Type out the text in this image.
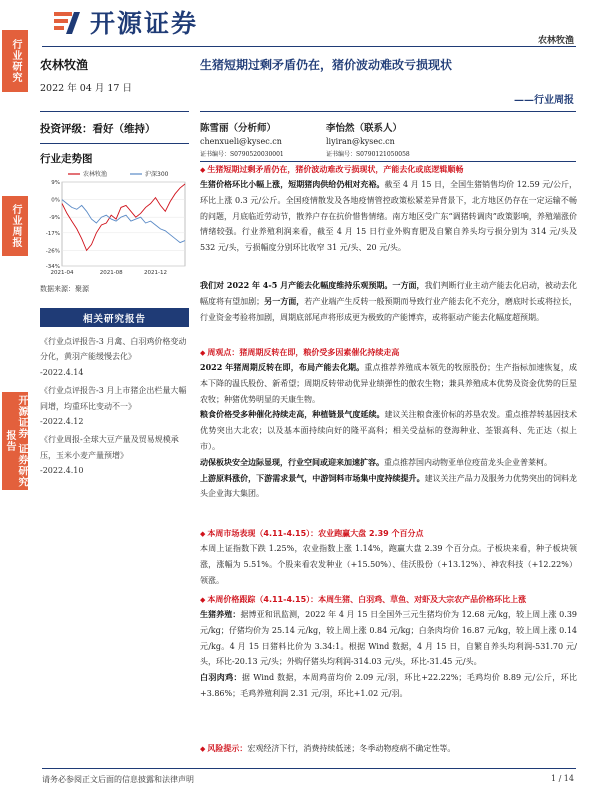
开源证券
农林牧渔
行业研究
行业周报
开源证券 证券研究报告
农林牧渔
2022 年 04 月 17 日
投资评级：看好（维持）
行业走势图
9%
0%
-9%
-17%
-26%
-34%
2021-04	2021-08	2021-12
农林牧渔	沪深300
数据来源：聚源
相关研究报告
《行业点评报告-3 月禽、白羽鸡价格变动分化，黄羽产能缓慢去化》
-2022.4.14
《行业点评报告-3 月上市猪企出栏量大幅同增，均重环比变动不一》
-2022.4.12
《行业周报-全球大豆产量及贸易规模承压，玉米小麦产量预增》
-2022.4.10
生猪短期过剩矛盾仍在，猪价波动难改亏损现状
——行业周报
陈雪丽（分析师）
chenxueli@kysec.cn
证书编号：S0790520030001
李怡然（联系人）
liyiran@kysec.cn
证书编号：S0790121050058
◆ 生猪短期过剩矛盾仍在，猪价波动难改亏损现状，产能去化或底逻辑顺畅
生猪价格环比小幅上涨，短期猪肉供给仍相对充裕。截至 4 月 15 日，全国生猪销售均价 12.59 元/公斤，环比上涨 0.3 元/公斤。全国疫情散发及各地疫情管控政策松紧差异背景下，北方地区仍存在一定运输不畅的问题，月底临近劳动节，散养户存在抗价惜售情绪。南方地区受广东“调猪转调肉”政策影响，养殖端涨价情绪较强。行业养殖利润来看，截至 4 月 15 日行业外购育肥及自繁自养头均亏损分别为 314 元/头及 532 元/头，亏损幅度分别环比收窄 31 元/头、20 元/头。
我们对 2022 年 4-5 月产能去化幅度维持乐观预期。一方面，我们判断行业主动产能去化启动，被动去化幅度将有望加剧；另一方面，若产业端产生反转一般预期而导致行业产能去化不充分，磨底时长或将拉长，行业资金考验将加剧，周期底部尾声将形成更为极致的产能博弈，或将驱动产能去化幅度超预期。
◆ 周观点：猪周期反转在即，粮价受多因素催化持续走高
2022 年猪周期反转在即，布局产能去化期。重点推荐养殖成本领先的牧原股份；生产指标加速恢复，成本下降的温氏股份、新希望；周期反转带动优异业绩弹性的傲农生物；兼具养殖成本优势及资金优势的巨星农牧；种猪优势明显的天康生物。
粮食价格受多种催化持续走高，种植链景气度延续。建议关注粮食涨价标的苏垦农发。重点推荐转基因技术优势突出大北农；以及基本面持续向好的隆平高科；相关受益标的登海种业、荃银高科、先正达（拟上市）。
动保板块安全边际显现，行业空间或迎来加速扩容。重点推荐国内动物亚单位疫苗龙头企业普莱柯。
上游原料涨价，下游需求景气，中游饲料市场集中度持续提升。建议关注产品力及服务力优势突出的饲料龙头企业海大集团。
◆ 本周市场表现（4.11-4.15）：农业跑赢大盘 2.39 个百分点
本周上证指数下跌 1.25%，农业指数上涨 1.14%，跑赢大盘 2.39 个百分点。子板块来看，种子板块领涨，涨幅为 5.51%。个股来看农发种业（+15.50%）、佳沃股份（+13.12%）、神农科技（+12.22%）领涨。
◆ 本周价格跟踪（4.11-4.15）：本周生猪、白羽鸡、草鱼、对虾及大宗农产品价格环比上涨
生猪养殖：据博亚和讯监测，2022 年 4 月 15 日全国外三元生猪均价为 12.68 元/kg，较上周上涨 0.39 元/kg；仔猪均价为 25.14 元/kg，较上周上涨 0.84 元/kg；白条肉均价 16.87 元/kg，较上周上涨 0.14 元/kg。4 月 15 日猪料比价为 3.34:1。根据 Wind 数据，4 月 15 日，自繁自养头均利润-531.70 元/头，环比-20.13 元/头；外购仔猪头均利润-314.03 元/头，环比-31.45 元/头。
白羽肉鸡：据 Wind 数据，本周鸡苗均价 2.09 元/羽，环比+22.22%；毛鸡均价 8.89 元/公斤，环比+3.86%；毛鸡养殖利润 2.31 元/羽，环比+1.02 元/羽。
◆ 风险提示：宏观经济下行，消费持续低迷；冬季动物疫病不确定性等。
请务必参阅正文后面的信息披露和法律声明	1 / 14
